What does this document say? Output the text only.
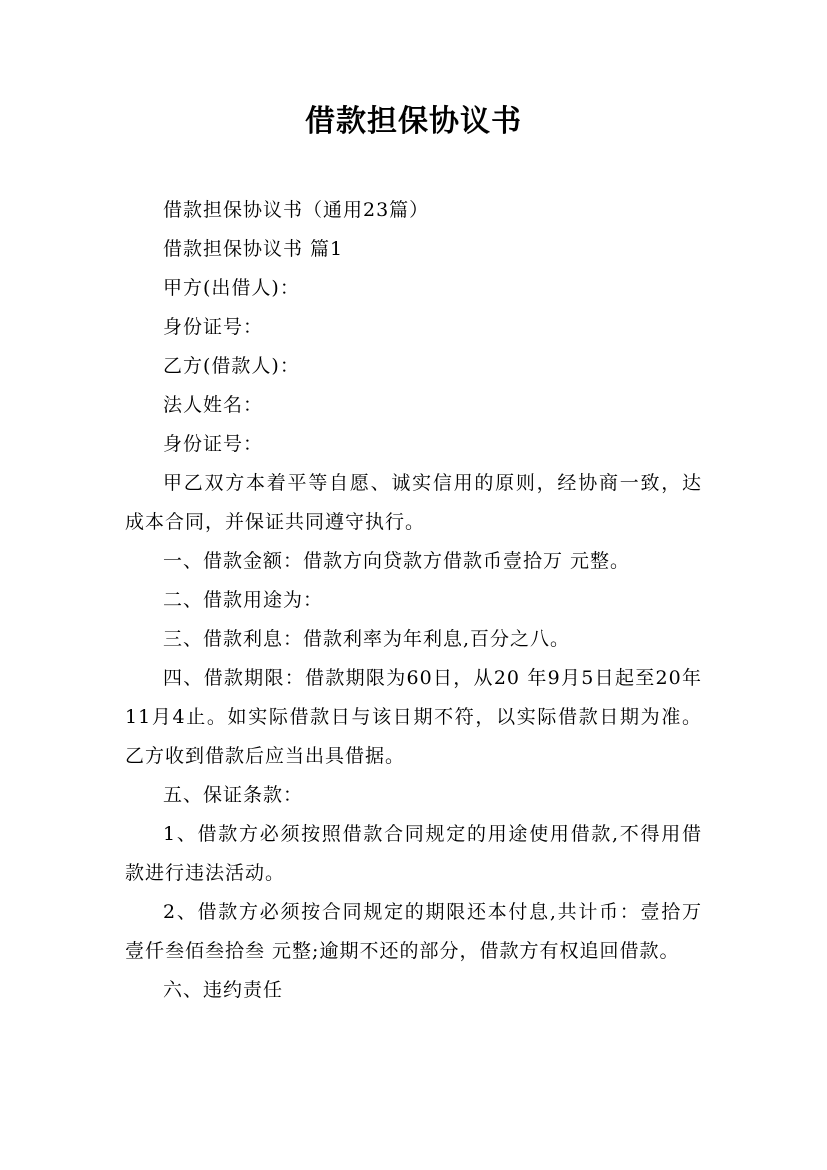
借款担保协议书

借款担保协议书（通用23篇）

借款担保协议书 篇1

甲方(出借人)：

身份证号：

乙方(借款人)：

法人姓名：

身份证号：

甲乙双方本着平等自愿、诚实信用的原则，经协商一致，达成本合同，并保证共同遵守执行。

一、借款金额：借款方向贷款方借款币壹拾万 元整。

二、借款用途为：

三、借款利息：借款利率为年利息,百分之八。

四、借款期限：借款期限为60日，从20 年9月5日起至20年11月4止。如实际借款日与该日期不符，以实际借款日期为准。乙方收到借款后应当出具借据。

五、保证条款：

1、借款方必须按照借款合同规定的用途使用借款,不得用借款进行违法活动。

2、借款方必须按合同规定的期限还本付息,共计币：壹拾万壹仟叁佰叁拾叁 元整;逾期不还的部分，借款方有权追回借款。

六、违约责任
